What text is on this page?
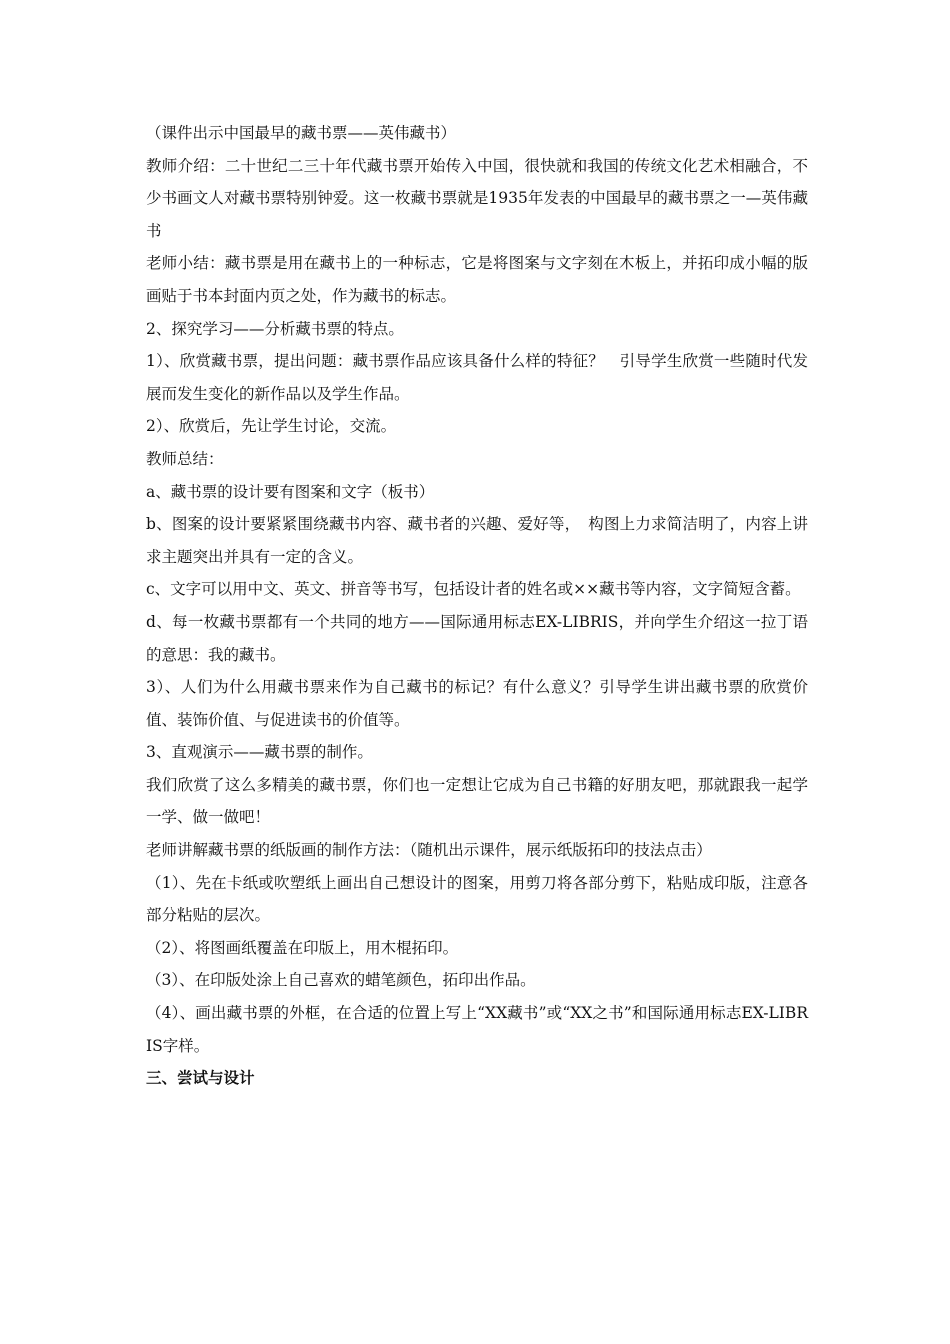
（课件出示中国最早的藏书票——英伟藏书）

教师介绍：二十世纪二三十年代藏书票开始传入中国，很快就和我国的传统文化艺术相融合，不少书画文人对藏书票特别钟爱。这一枚藏书票就是1935年发表的中国最早的藏书票之一—英伟藏书

老师小结：藏书票是用在藏书上的一种标志，它是将图案与文字刻在木板上，并拓印成小幅的版画贴于书本封面内页之处，作为藏书的标志。

2、探究学习——分析藏书票的特点。

1）、欣赏藏书票，提出问题：藏书票作品应该具备什么样的特征？　引导学生欣赏一些随时代发展而发生变化的新作品以及学生作品。

2）、欣赏后，先让学生讨论，交流。

教师总结：

a、藏书票的设计要有图案和文字（板书）

b、图案的设计要紧紧围绕藏书内容、藏书者的兴趣、爱好等，　构图上力求简洁明了，内容上讲求主题突出并具有一定的含义。

c、文字可以用中文、英文、拼音等书写，包括设计者的姓名或××藏书等内容，文字简短含蓄。

d、每一枚藏书票都有一个共同的地方——国际通用标志EX-LIBRIS，并向学生介绍这一拉丁语的意思：我的藏书。

3）、人们为什么用藏书票来作为自己藏书的标记？有什么意义？引导学生讲出藏书票的欣赏价值、装饰价值、与促进读书的价值等。

3、直观演示——藏书票的制作。

我们欣赏了这么多精美的藏书票，你们也一定想让它成为自己书籍的好朋友吧，那就跟我一起学一学、做一做吧！

老师讲解藏书票的纸版画的制作方法：（随机出示课件，展示纸版拓印的技法点击）

（1）、先在卡纸或吹塑纸上画出自己想设计的图案，用剪刀将各部分剪下，粘贴成印版，注意各部分粘贴的层次。

（2）、将图画纸覆盖在印版上，用木棍拓印。

（3）、在印版处涂上自己喜欢的蜡笔颜色，拓印出作品。

（4）、画出藏书票的外框，在合适的位置上写上“XX藏书”或“XX之书”和国际通用标志EX-LIBRIS字样。

三、尝试与设计
